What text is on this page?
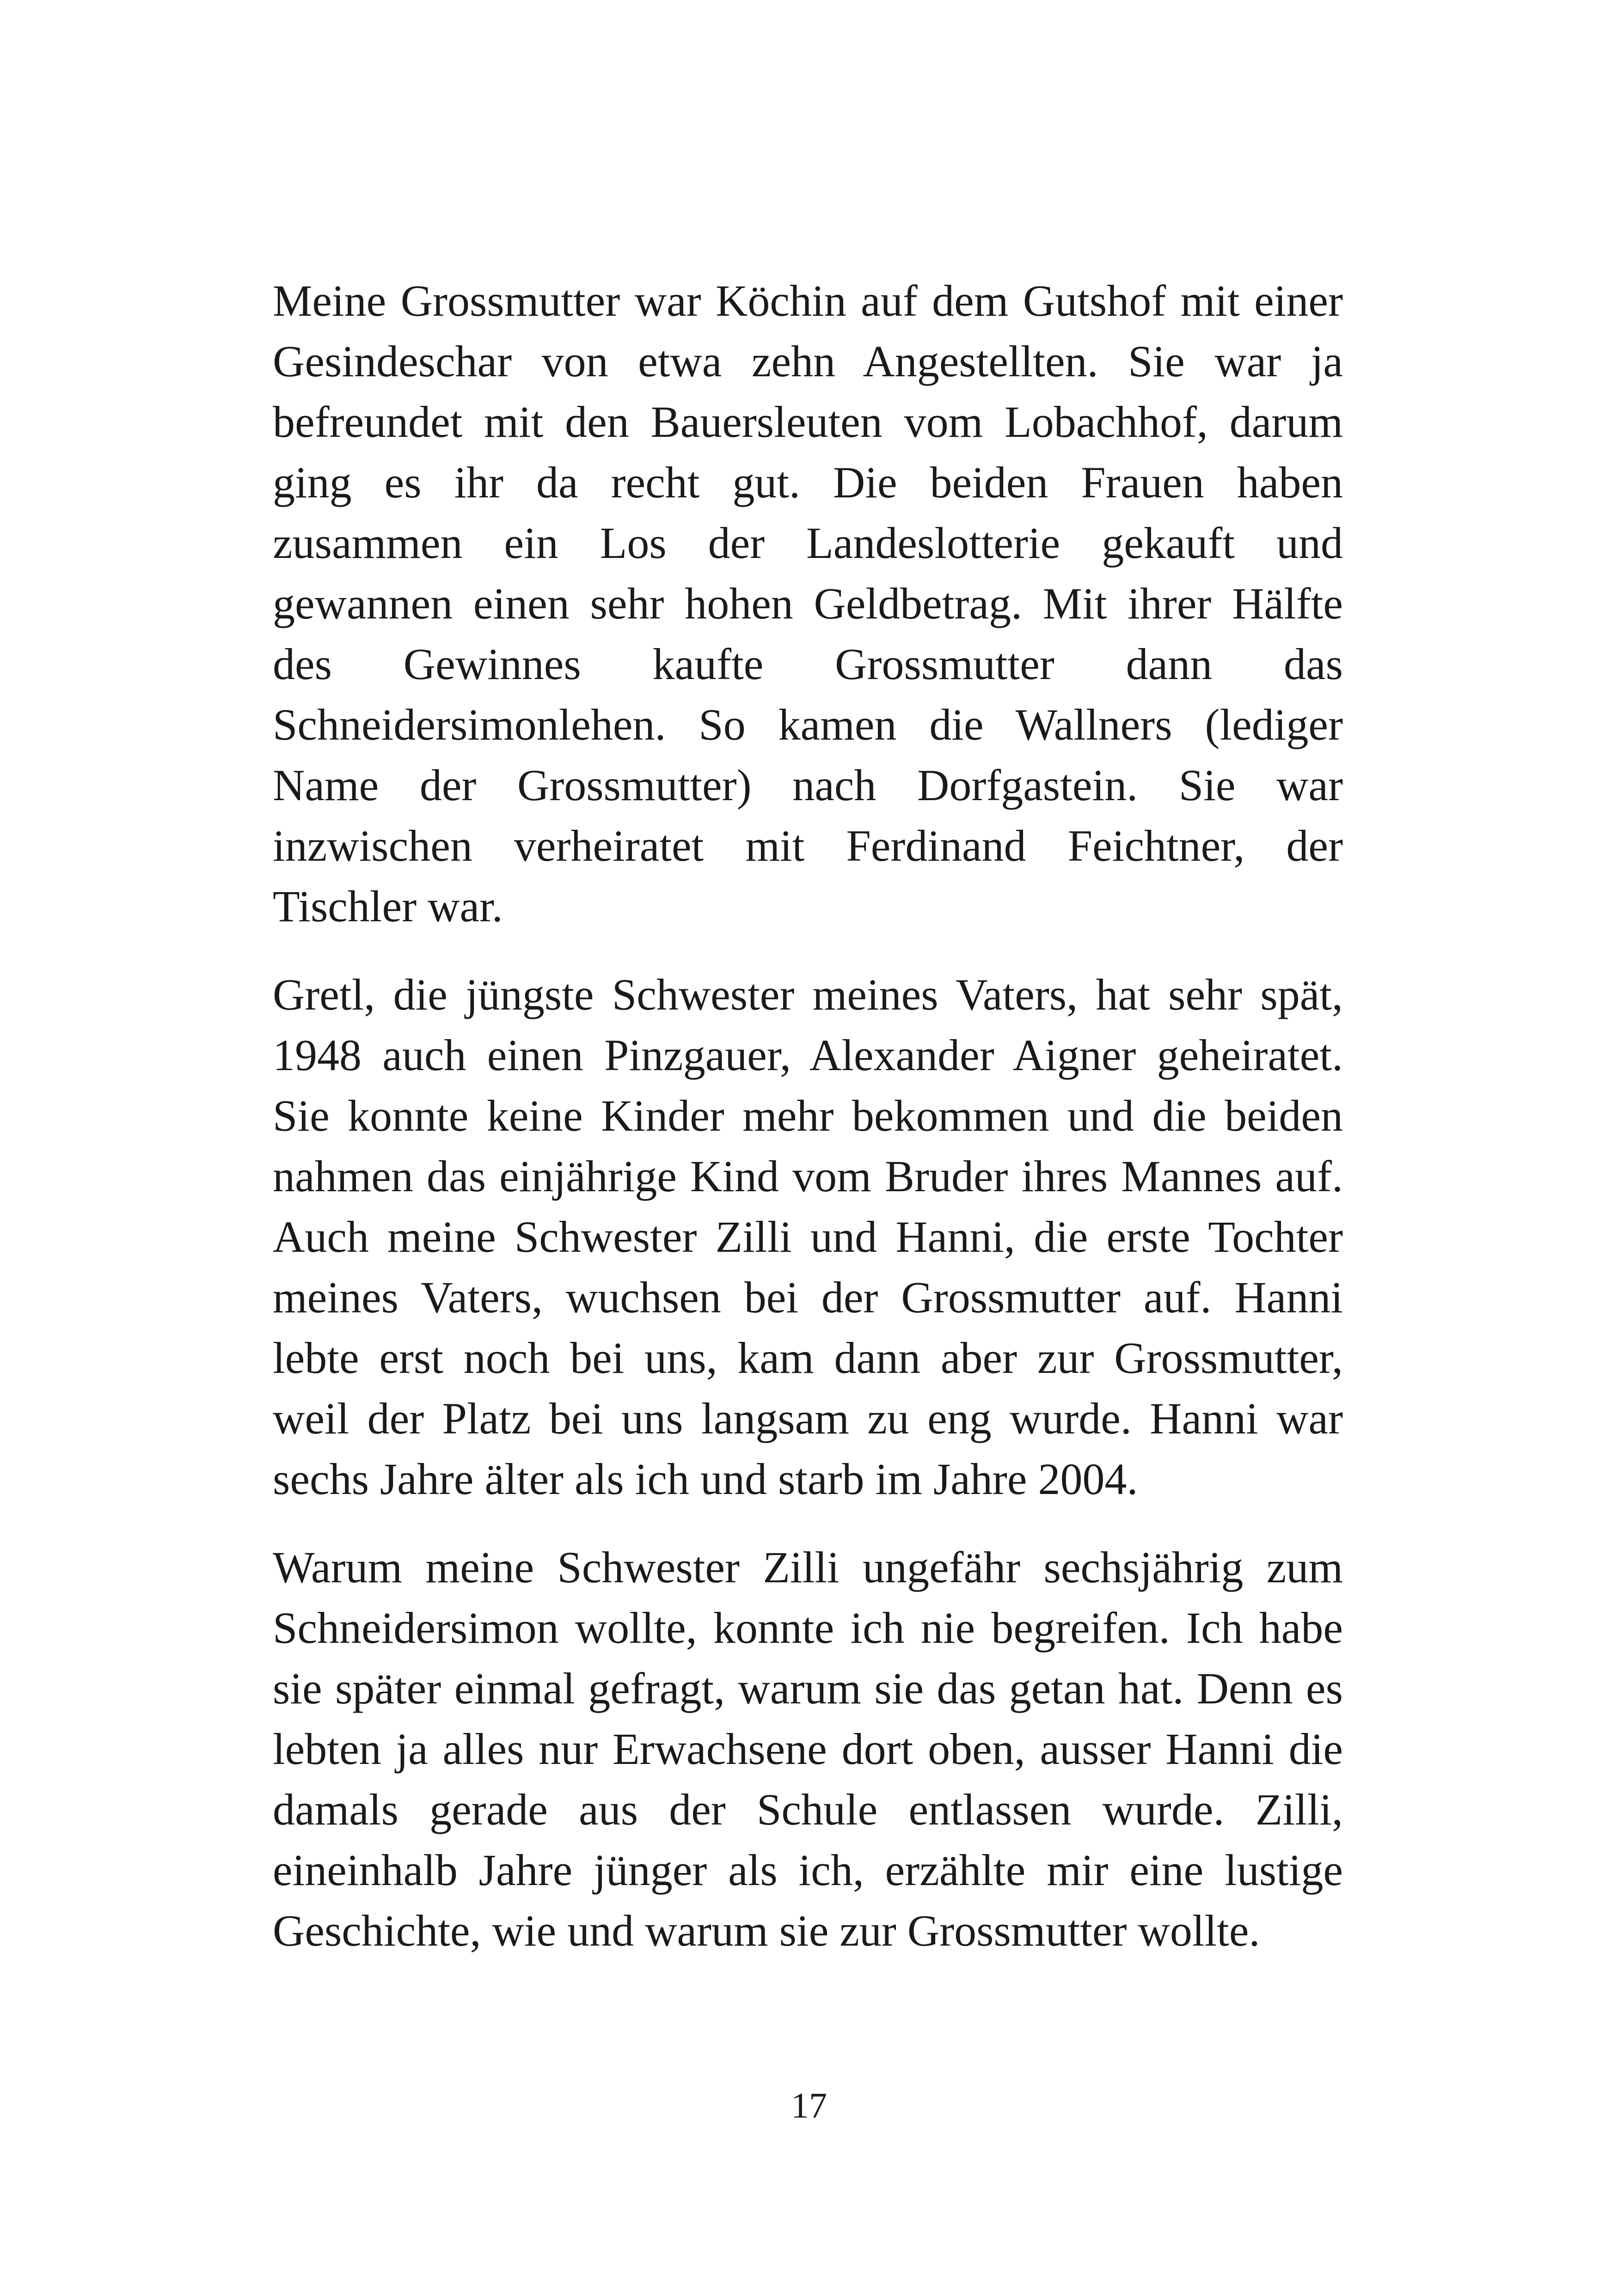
Meine Grossmutter war Köchin auf dem Gutshof mit einer Gesindeschar von etwa zehn Angestellten. Sie war ja befreundet mit den Bauersleuten vom Lobachhof, darum ging es ihr da recht gut. Die beiden Frauen haben zusammen ein Los der Landeslotterie gekauft und gewannen einen sehr hohen Geldbetrag. Mit ihrer Hälfte des Gewinnes kaufte Grossmutter dann das Schneidersimonlehen. So kamen die Wallners (lediger Name der Grossmutter) nach Dorfgastein. Sie war inzwischen verheiratet mit Ferdinand Feichtner, der Tischler war.

Gretl, die jüngste Schwester meines Vaters, hat sehr spät, 1948 auch einen Pinzgauer, Alexander Aigner geheiratet. Sie konnte keine Kinder mehr bekommen und die beiden nahmen das einjährige Kind vom Bruder ihres Mannes auf. Auch meine Schwester Zilli und Hanni, die erste Tochter meines Vaters, wuchsen bei der Grossmutter auf. Hanni lebte erst noch bei uns, kam dann aber zur Grossmutter, weil der Platz bei uns langsam zu eng wurde. Hanni war sechs Jahre älter als ich und starb im Jahre 2004.

Warum meine Schwester Zilli ungefähr sechsjährig zum Schneidersimon wollte, konnte ich nie begreifen. Ich habe sie später einmal gefragt, warum sie das getan hat. Denn es lebten ja alles nur Erwachsene dort oben, ausser Hanni die damals gerade aus der Schule entlassen wurde. Zilli, eineinhalb Jahre jünger als ich, erzählte mir eine lustige Geschichte, wie und warum sie zur Grossmutter wollte.

17
